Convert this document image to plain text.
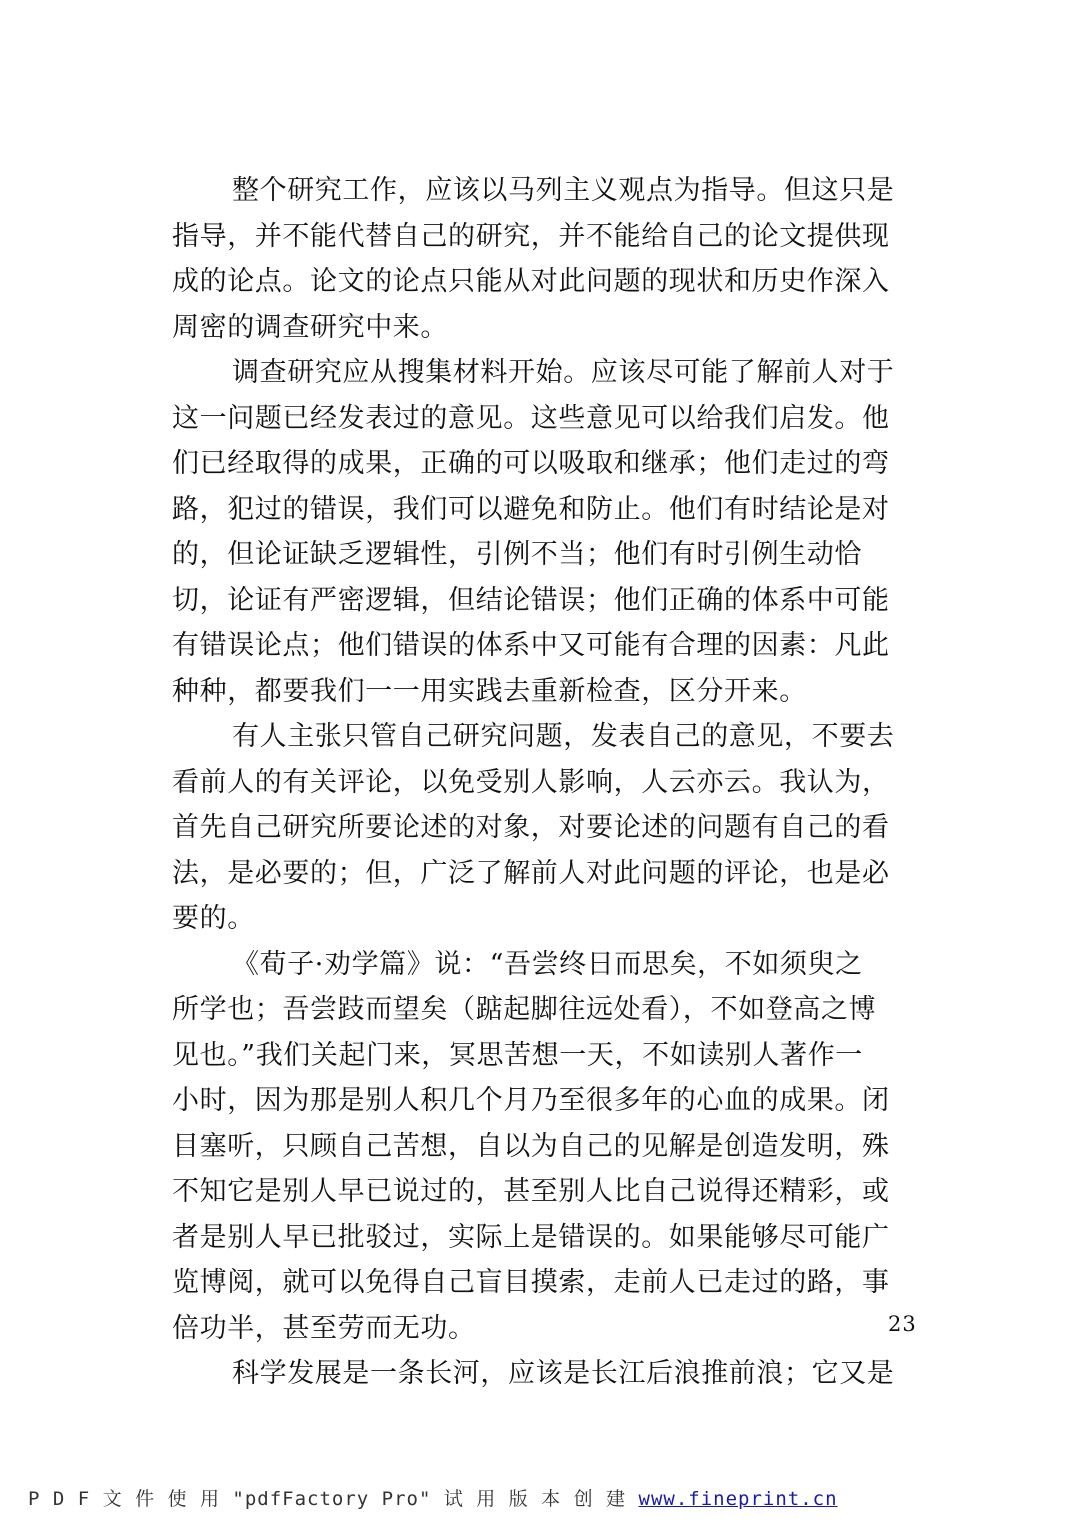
整个研究工作，应该以马列主义观点为指导。但这只是
指导，并不能代替自己的研究，并不能给自己的论文提供现
成的论点。论文的论点只能从对此问题的现状和历史作深入
周密的调查研究中来。
调查研究应从搜集材料开始。应该尽可能了解前人对于
这一问题已经发表过的意见。这些意见可以给我们启发。他
们已经取得的成果，正确的可以吸取和继承；他们走过的弯
路，犯过的错误，我们可以避免和防止。他们有时结论是对
的，但论证缺乏逻辑性，引例不当；他们有时引例生动恰
切，论证有严密逻辑，但结论错误；他们正确的体系中可能
有错误论点；他们错误的体系中又可能有合理的因素：凡此
种种，都要我们一一用实践去重新检查，区分开来。
有人主张只管自己研究问题，发表自己的意见，不要去
看前人的有关评论，以免受别人影响，人云亦云。我认为，
首先自己研究所要论述的对象，对要论述的问题有自己的看
法，是必要的；但，广泛了解前人对此问题的评论，也是必
要的。
《荀子·劝学篇》说：“吾尝终日而思矣，不如须臾之
所学也；吾尝跂而望矣（踮起脚往远处看），不如登高之博
见也。”我们关起门来，冥思苦想一天，不如读别人著作一
小时，因为那是别人积几个月乃至很多年的心血的成果。闭
目塞听，只顾自己苦想，自以为自己的见解是创造发明，殊
不知它是别人早已说过的，甚至别人比自己说得还精彩，或
者是别人早已批驳过，实际上是错误的。如果能够尽可能广
览博阅，就可以免得自己盲目摸索，走前人已走过的路，事
倍功半，甚至劳而无功。
科学发展是一条长河，应该是长江后浪推前浪；它又是
23
P D F 文 件 使 用 "pdfFactory Pro" 试 用 版 本 创 建 www.fineprint.cn
